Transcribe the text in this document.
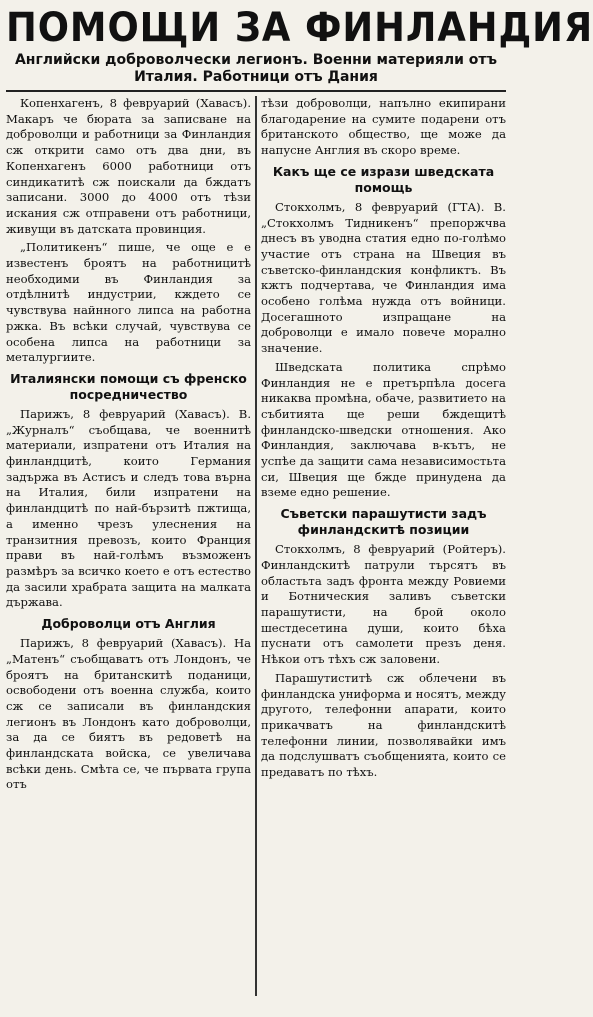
ПОМОЩИ ЗА ФИНЛАНДИЯ
Английски доброволчески легионъ. Военни материяли отъ Италия. Работници отъ Дания

Копенхагенъ, 8 февруарий (Хавасъ). Макаръ че бюрата за записване на доброволци и работници за Финландия сж открити само отъ два дни, въ Копенхагенъ 6000 работници отъ синдикатитѣ сж поискали да бждатъ записани. 3000 до 4000 отъ тѣзи искания сж отправени отъ работници, живущи въ датската провинция.

„Политикенъ“ пише, че още е е известенъ броятъ на работницитѣ необходими въ Финландия за отдѣлнитѣ индустрии, кждето се чувствува найнного липса на работна ржка. Въ всѣки случай, чувствува се особена липса на работници за металургиите.

Италиянски помощи съ френско посредничество

Парижъ, 8 февруарий (Хавасъ). В. „Журналъ“ съобщава, че военнитѣ материали, изпратени отъ Италия на финландцитѣ, които Германия задържа въ Астисъ и следъ това върна на Италия, били изпратени на финландцитѣ по най-бързитѣ пжтища, а именно чрезъ улеснения на транзитния превозъ, които Франция прави въ най-голѣмъ възможенъ размѣръ за всичко което е отъ естество да засили храбрата защита на малката държава.

Доброволци отъ Англия

Парижъ, 8 февруарий (Хавасъ). На „Матенъ“ съобщаватъ отъ Лондонъ, че броятъ на британскитѣ поданици, освободени отъ военна служба, които сж се записали въ финландския легионъ въ Лондонъ като доброволци, за да се биятъ въ редоветѣ на финландската войска, се увеличава всѣки день. Смѣта се, че първата група отъ

тѣзи доброволци, напълно екипирани благодарение на сумите подарени отъ британското общество, ще може да напусне Англия въ скоро време.

Какъ ще се изрази шведската помощь

Стокхолмъ, 8 февруарий (ГТА). В. „Стокхолмъ Тидникенъ“ препоржчва днесъ въ уводна статия едно по-голѣмо участие отъ страна на Швеция въ съветско-финландския конфликтъ. Въ кжтъ подчертава, че Финландия има особено голѣма нужда отъ войници. Досегашното изпращане на доброволци е имало повече морално значение.

Шведската политика спрѣмо Финландия не е претърпѣла досега никаква промѣна, обаче, развитието на събитията ще реши бждещитѣ финландско-шведски отношения. Ако Финландия, заключава в-кътъ, не успѣе да защити сама независимостьта си, Швеция ще бжде принудена да вземе едно решение.

Съветски парашутисти задъ финландскитѣ позиции

Стокхолмъ, 8 февруарий (Ройтеръ). Финландскитѣ патрули търсятъ въ областьта задъ фронта между Ровиеми и Ботническия заливъ съветски парашутисти, на брой около шестдесетина души, които бѣха пуснати отъ самолети презъ деня. Нѣкои отъ тѣхъ сж заловени.

Парашутиститѣ сж облечени въ финландска униформа и носятъ, между другото, телефонни апарати, които прикачватъ на финландскитѣ телефонни линии, позволявайки имъ да подслушватъ съобщенията, които се предаватъ по тѣхъ.
